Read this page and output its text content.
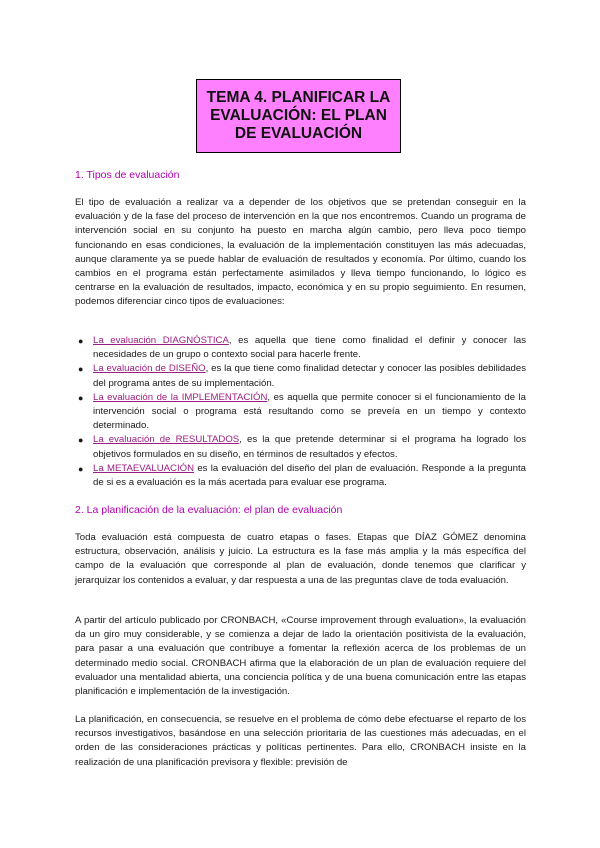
TEMA 4. PLANIFICAR LA
EVALUACIÓN: EL PLAN
DE EVALUACIÓN

1. Tipos de evaluación

El tipo de evaluación a realizar va a depender de los objetivos que se pretendan conseguir en la evaluación y de la fase del proceso de intervención en la que nos encontremos. Cuando un programa de intervención social en su conjunto ha puesto en marcha algún cambio, pero lleva poco tiempo funcionando en esas condiciones, la evaluación de la implementación constituyen las más adecuadas, aunque claramente ya se puede hablar de evaluación de resultados y economía. Por último, cuando los cambios en el programa están perfectamente asimilados y lleva tiempo funcionando, lo lógico es centrarse en la evaluación de resultados, impacto, económica y en su propio seguimiento. En resumen, podemos diferenciar cinco tipos de evaluaciones:

● La evaluación DIAGNÓSTICA, es aquella que tiene como finalidad el definir y conocer las necesidades de un grupo o contexto social para hacerle frente.
● La evaluación de DISEÑO, es la que tiene como finalidad detectar y conocer las posibles debilidades del programa antes de su implementación.
● La evaluación de la IMPLEMENTACIÓN, es aquella que permite conocer si el funcionamiento de la intervención social o programa está resultando como se preveía en un tiempo y contexto determinado.
● La evaluación de RESULTADOS, es la que pretende determinar si el programa ha logrado los objetivos formulados en su diseño, en términos de resultados y efectos.
● La METAEVALUACIÓN es la evaluación del diseño del plan de evaluación. Responde a la pregunta de si es a evaluación es la más acertada para evaluar ese programa.

2. La planificación de la evaluación: el plan de evaluación

Toda evaluación está compuesta de cuatro etapas o fases. Etapas que DÍAZ GÓMEZ denomina estructura, observación, análisis y juicio. La estructura es la fase más amplia y la más específica del campo de la evaluación que corresponde al plan de evaluación, donde tenemos que clarificar y jerarquizar los contenidos a evaluar, y dar respuesta a una de las preguntas clave de toda evaluación.

A partir del artículo publicado por CRONBACH, «Course improvement through evaluation», la evaluación da un giro muy considerable, y se comienza a dejar de lado la orientación positivista de la evaluación, para pasar a una evaluación que contribuye a fomentar la reflexión acerca de los problemas de un determinado medio social. CRONBACH afirma que la elaboración de un plan de evaluación requiere del evaluador una mentalidad abierta, una conciencia política y de una buena comunicación entre las etapas planificación e implementación de la investigación.

La planificación, en consecuencia, se resuelve en el problema de cómo debe efectuarse el reparto de los recursos investigativos, basándose en una selección prioritaria de las cuestiones más adecuadas, en el orden de las consideraciones prácticas y políticas pertinentes. Para ello, CRONBACH insiste en la realización de una planificación previsora y flexible: previsión de
